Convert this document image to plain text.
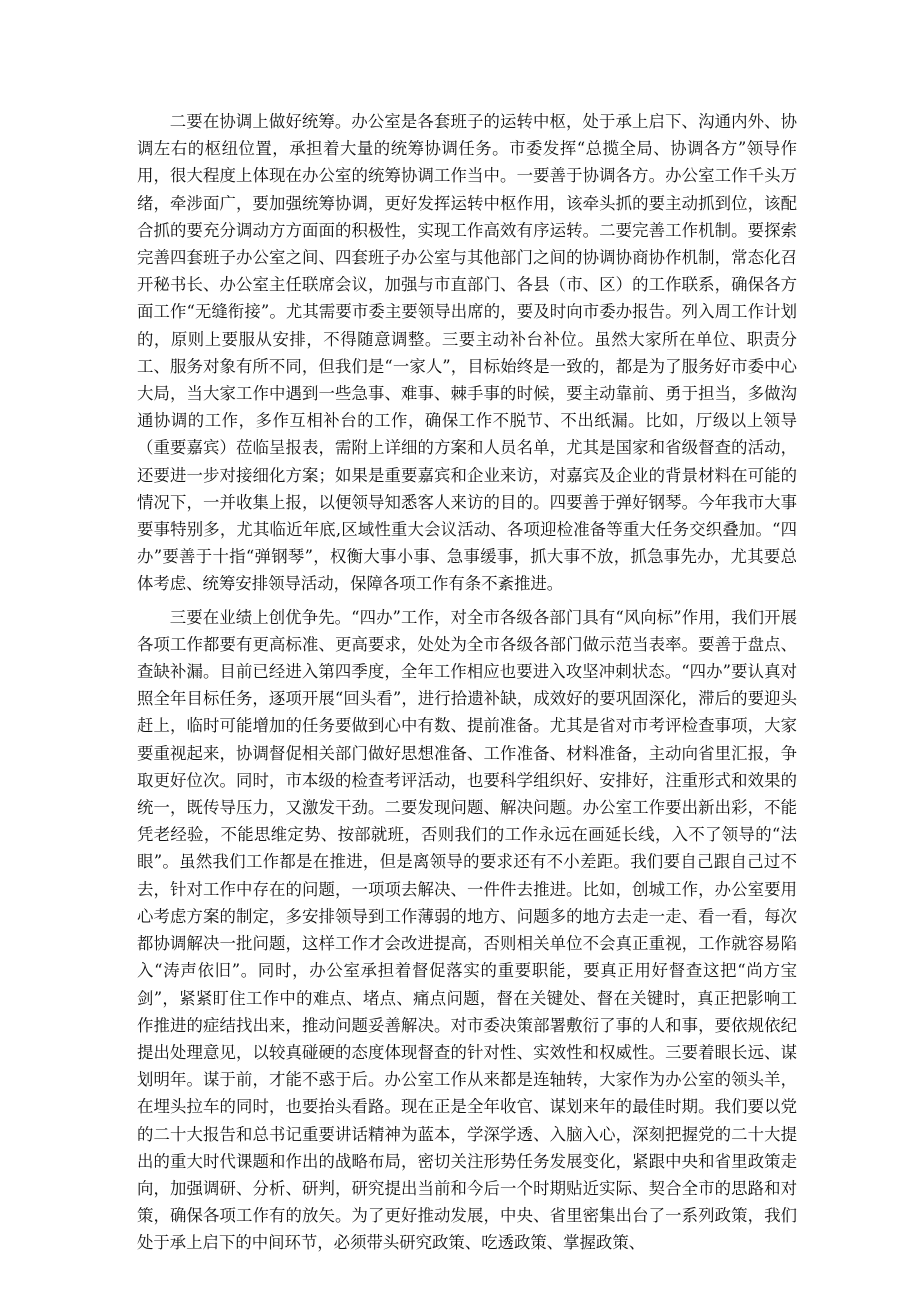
二要在协调上做好统筹。办公室是各套班子的运转中枢，处于承上启下、沟通内外、协调左右的枢纽位置，承担着大量的统筹协调任务。市委发挥“总揽全局、协调各方”领导作用，很大程度上体现在办公室的统筹协调工作当中。一要善于协调各方。办公室工作千头万绪，牵涉面广，要加强统筹协调，更好发挥运转中枢作用，该牵头抓的要主动抓到位，该配合抓的要充分调动方方面面的积极性，实现工作高效有序运转。二要完善工作机制。要探索完善四套班子办公室之间、四套班子办公室与其他部门之间的协调协商协作机制，常态化召开秘书长、办公室主任联席会议，加强与市直部门、各县（市、区）的工作联系，确保各方面工作“无缝衔接”。尤其需要市委主要领导出席的，要及时向市委办报告。列入周工作计划的，原则上要服从安排，不得随意调整。三要主动补台补位。虽然大家所在单位、职责分工、服务对象有所不同，但我们是“一家人”，目标始终是一致的，都是为了服务好市委中心大局，当大家工作中遇到一些急事、难事、棘手事的时候，要主动靠前、勇于担当，多做沟通协调的工作，多作互相补台的工作，确保工作不脱节、不出纸漏。比如，厅级以上领导（重要嘉宾）莅临呈报表，需附上详细的方案和人员名单，尤其是国家和省级督查的活动，还要进一步对接细化方案；如果是重要嘉宾和企业来访，对嘉宾及企业的背景材料在可能的情况下，一并收集上报，以便领导知悉客人来访的目的。四要善于弹好钢琴。今年我市大事要事特别多，尤其临近年底,区域性重大会议活动、各项迎检准备等重大任务交织叠加。“四办”要善于十指“弹钢琴”，权衡大事小事、急事缓事，抓大事不放，抓急事先办，尤其要总体考虑、统筹安排领导活动，保障各项工作有条不紊推进。

三要在业绩上创优争先。“四办”工作，对全市各级各部门具有“风向标”作用，我们开展各项工作都要有更高标准、更高要求，处处为全市各级各部门做示范当表率。要善于盘点、查缺补漏。目前已经进入第四季度，全年工作相应也要进入攻坚冲刺状态。“四办”要认真对照全年目标任务，逐项开展“回头看”，进行拾遗补缺，成效好的要巩固深化，滞后的要迎头赶上，临时可能增加的任务要做到心中有数、提前准备。尤其是省对市考评检查事项，大家要重视起来，协调督促相关部门做好思想准备、工作准备、材料准备，主动向省里汇报，争取更好位次。同时，市本级的检查考评活动，也要科学组织好、安排好，注重形式和效果的统一，既传导压力，又激发干劲。二要发现问题、解决问题。办公室工作要出新出彩，不能凭老经验，不能思维定势、按部就班，否则我们的工作永远在画延长线，入不了领导的“法眼”。虽然我们工作都是在推进，但是离领导的要求还有不小差距。我们要自己跟自己过不去，针对工作中存在的问题，一项项去解决、一件件去推进。比如，创城工作，办公室要用心考虑方案的制定，多安排领导到工作薄弱的地方、问题多的地方去走一走、看一看，每次都协调解决一批问题，这样工作才会改进提高，否则相关单位不会真正重视，工作就容易陷入“涛声依旧”。同时，办公室承担着督促落实的重要职能，要真正用好督查这把“尚方宝剑”，紧紧盯住工作中的难点、堵点、痛点问题，督在关键处、督在关键时，真正把影响工作推进的症结找出来，推动问题妥善解决。对市委决策部署敷衍了事的人和事，要依规依纪提出处理意见，以较真碰硬的态度体现督查的针对性、实效性和权威性。三要着眼长远、谋划明年。谋于前，才能不惑于后。办公室工作从来都是连轴转，大家作为办公室的领头羊，在埋头拉车的同时，也要抬头看路。现在正是全年收官、谋划来年的最佳时期。我们要以党的二十大报告和总书记重要讲话精神为蓝本，学深学透、入脑入心，深刻把握党的二十大提出的重大时代课题和作出的战略布局，密切关注形势任务发展变化，紧跟中央和省里政策走向，加强调研、分析、研判，研究提出当前和今后一个时期贴近实际、契合全市的思路和对策，确保各项工作有的放矢。为了更好推动发展，中央、省里密集出台了一系列政策，我们处于承上启下的中间环节，必须带头研究政策、吃透政策、掌握政策、
